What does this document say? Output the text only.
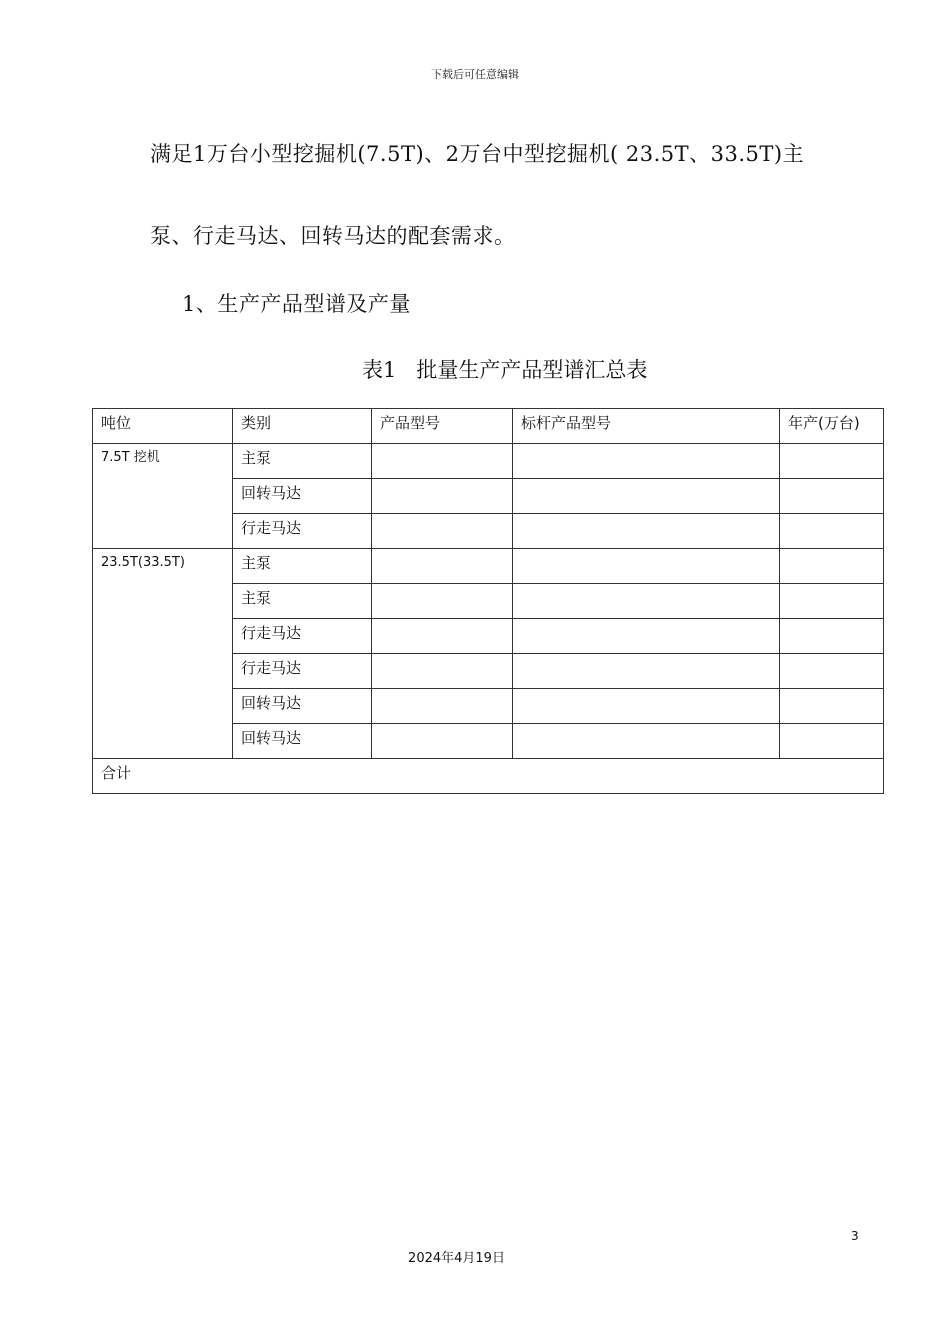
下载后可任意编辑
满足1万台小型挖掘机(7.5T)、2万台中型挖掘机( 23.5T、33.5T)主
泵、行走马达、回转马达的配套需求。
1、生产产品型谱及产量
表1 批量生产产品型谱汇总表
吨位	类别	产品型号	标杆产品型号	年产(万台)
7.5T 挖机	主泵			
	回转马达			
	行走马达			
23.5T(33.5T)	主泵			
	主泵			
	行走马达			
	行走马达			
	回转马达			
	回转马达			
合计				
3
2024年4月19日
